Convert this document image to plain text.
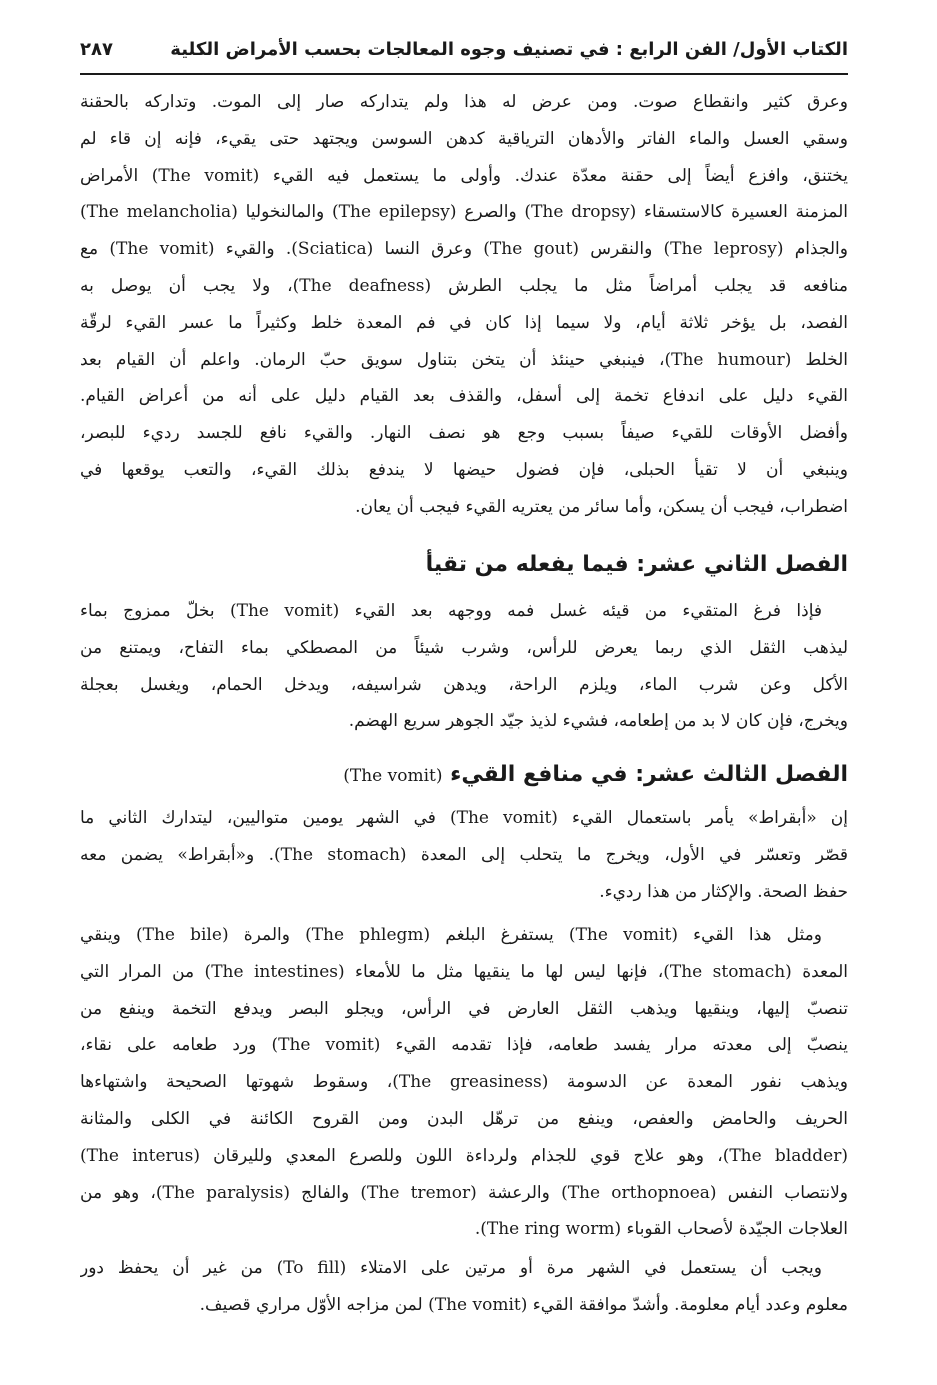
الكتاب الأول/ الفن الرابع : في تصنيف وجوه المعالجات بحسب الأمراض الكلية
٢٨٧
وعرق كثير وانقطاع صوت. ومن عرض له هذا ولم يتداركه صار إلى الموت. وتداركه بالحقنة
وسقي العسل والماء الفاتر والأدهان الترياقية كدهن السوسن ويجتهد حتى يقيء، فإنه إن قاء لم
يختنق، وافزع أيضاً إلى حقنة معدّة عندك. وأولى ما يستعمل فيه القيء (The vomit) الأمراض
المزمنة العسيرة كالاستسقاء (The dropsy) والصرع (The epilepsy) والمالنخوليا (The melancholia)
والجذام (The leprosy) والنقرس (The gout) وعرق النسا (Sciatica). والقيء (The vomit) مع
منافعه قد يجلب أمراضاً مثل ما يجلب الطرش (The deafness)، ولا يجب أن يوصل به
الفصد، بل يؤخر ثلاثة أيام، ولا سيما إذا كان في فم المعدة خلط وكثيراً ما عسر القيء لرقّة
الخلط (The humour)، فينبغي حينئذ أن يتخن بتناول سويق حبّ الرمان. واعلم أن القيام بعد
القيء دليل على اندفاع تخمة إلى أسفل، والقذف بعد القيام دليل على أنه من أعراض القيام.
وأفضل الأوقات للقيء صيفاً بسبب وجع هو نصف النهار. والقيء نافع للجسد رديء للبصر،
وينبغي أن لا تقيأ الحبلى، فإن فضول حيضها لا يندفع بذلك القيء، والتعب يوقعها في
اضطراب، فيجب أن يسكن، وأما سائر من يعتريه القيء فيجب أن يعان.
الفصل الثاني عشر: فيما يفعله من تقيأ
فإذا فرغ المتقيء من قيئه غسل فمه ووجهه بعد القيء (The vomit) بخلّ ممزوج بماء
ليذهب الثقل الذي ربما يعرض للرأس، وشرب شيئاً من المصطكي بماء التفاح، ويمتنع من
الأكل وعن شرب الماء، ويلزم الراحة، ويدهن شراسيفه، ويدخل الحمام، ويغسل بعجلة
ويخرج، فإن كان لا بد من إطعامه، فشيء لذيذ جيّد الجوهر سريع الهضم.
الفصل الثالث عشر: في منافع القيء (The vomit)
إن «أبقراط» يأمر باستعمال القيء (The vomit) في الشهر يومين متواليين، ليتدارك الثاني ما
قصّر وتعسّر في الأول، ويخرج ما يتحلب إلى المعدة (The stomach). و«أبقراط» يضمن معه
حفظ الصحة. والإكثار من هذا رديء.
ومثل هذا القيء (The vomit) يستفرغ البلغم (The phlegm) والمرة (The bile) وينقي
المعدة (The stomach)، فإنها ليس لها ما ينقيها مثل ما للأمعاء (The intestines) من المرار التي
تنصبّ إليها، وينقيها ويذهب الثقل العارض في الرأس، ويجلو البصر ويدفع التخمة وينفع من
ينصبّ إلى معدته مرار يفسد طعامه، فإذا تقدمه القيء (The vomit) ورد طعامه على نقاء،
ويذهب نفور المعدة عن الدسومة (The greasiness)، وسقوط شهوتها الصحيحة واشتهاءها
الحريف والحامض والعفص، وينفع من ترهّل البدن ومن القروح الكائنة في الكلى والمثانة
(The bladder)، وهو علاج قوي للجذام ولرداءة اللون وللصرع المعدي ولليرقان (The interus)
ولانتصاب النفس (The orthopnoea) والرعشة (The tremor) والفالج (The paralysis)، وهو من
العلاجات الجيّدة لأصحاب القوباء (The ring worm).
ويجب أن يستعمل في الشهر مرة أو مرتين على الامتلاء (To fill) من غير أن يحفظ دور
معلوم وعدد أيام معلومة. وأشدّ موافقة القيء (The vomit) لمن مزاجه الأوّل مراري قصيف.
